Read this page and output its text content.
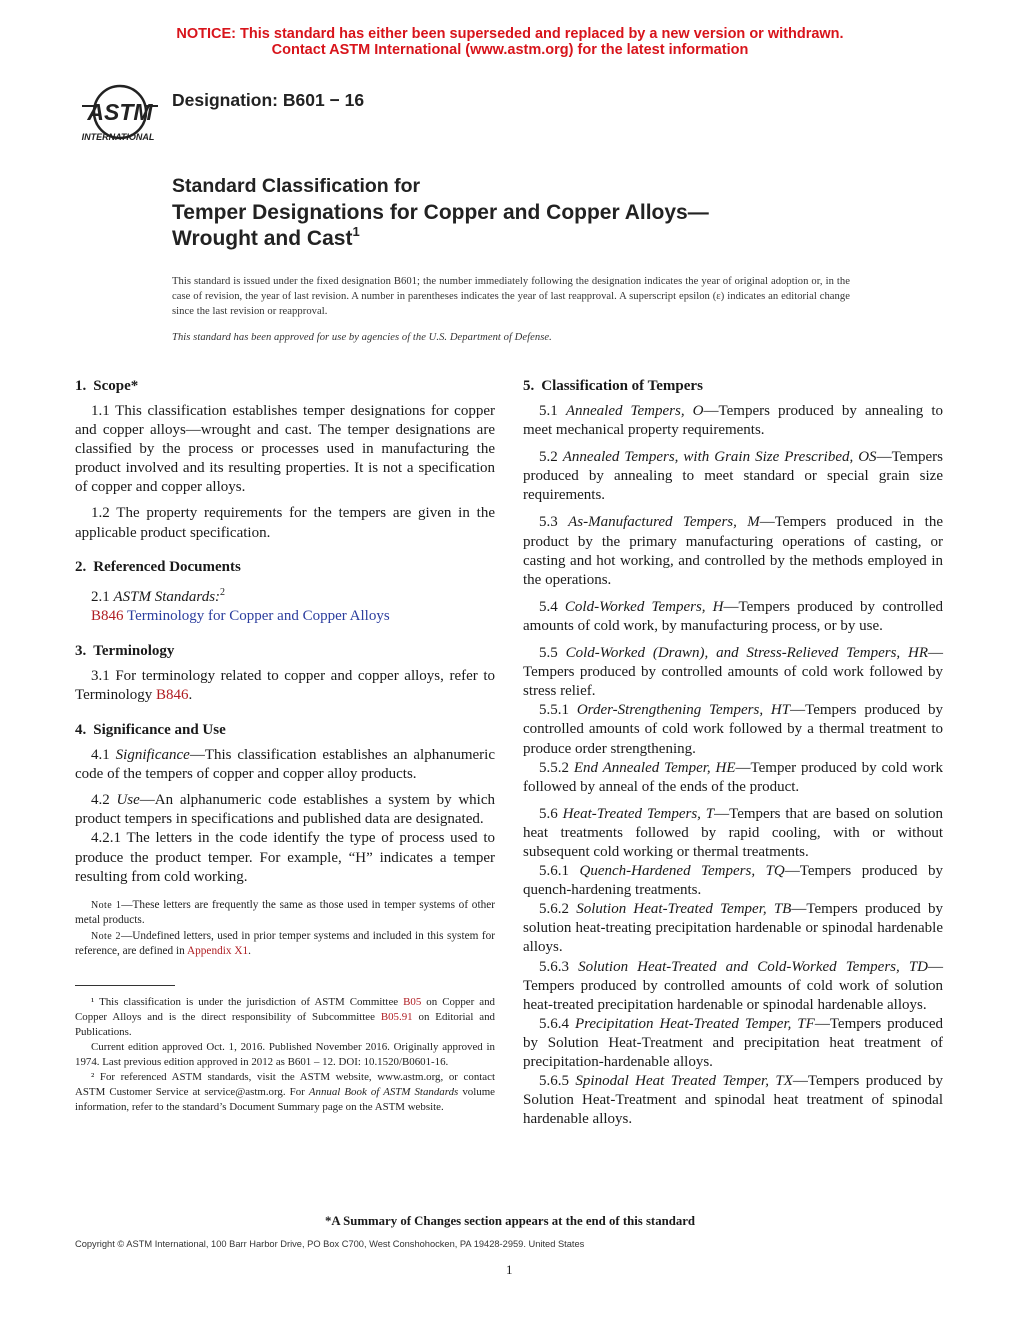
NOTICE: This standard has either been superseded and replaced by a new version or withdrawn.
Contact ASTM International (www.astm.org) for the latest information
ASTM
INTERNATIONAL
Designation: B601 − 16
Standard Classification for
Temper Designations for Copper and Copper Alloys—
Wrought and Cast$^1$
This standard is issued under the fixed designation B601; the number immediately following the designation indicates the year of original adoption or, in the case of revision, the year of last revision. A number in parentheses indicates the year of last reapproval. A superscript epsilon (ε) indicates an editorial change since the last revision or reapproval.
This standard has been approved for use by agencies of the U.S. Department of Defense.
1. Scope*

1.1 This classification establishes temper designations for copper and copper alloys—wrought and cast. The temper designations are classified by the process or processes used in manufacturing the product involved and its resulting properties. It is not a specification of copper and copper alloys.

1.2 The property requirements for the tempers are given in the applicable product specification.

2. Referenced Documents

2.1 ASTM Standards:$^2$

B846 Terminology for Copper and Copper Alloys

3. Terminology

3.1 For terminology related to copper and copper alloys, refer to Terminology B846.

4. Significance and Use

4.1 Significance—This classification establishes an alphanumeric code of the tempers of copper and copper alloy products.

4.2 Use—An alphanumeric code establishes a system by which product tempers in specifications and published data are designated.

4.2.1 The letters in the code identify the type of process used to produce the product temper. For example, “H” indicates a temper resulting from cold working.

Note 1—These letters are frequently the same as those used in temper systems of other metal products.

Note 2—Undefined letters, used in prior temper systems and included in this system for reference, are defined in Appendix X1.

¹ This classification is under the jurisdiction of ASTM Committee B05 on Copper and Copper Alloys and is the direct responsibility of Subcommittee B05.91 on Editorial and Publications.

Current edition approved Oct. 1, 2016. Published November 2016. Originally approved in 1974. Last previous edition approved in 2012 as B601 – 12. DOI: 10.1520/B0601-16.

² For referenced ASTM standards, visit the ASTM website, www.astm.org, or contact ASTM Customer Service at service@astm.org. For Annual Book of ASTM Standards volume information, refer to the standard’s Document Summary page on the ASTM website.

5. Classification of Tempers

5.1 Annealed Tempers, O—Tempers produced by annealing to meet mechanical property requirements.

5.2 Annealed Tempers, with Grain Size Prescribed, OS—Tempers produced by annealing to meet standard or special grain size requirements.

5.3 As-Manufactured Tempers, M—Tempers produced in the product by the primary manufacturing operations of casting, or casting and hot working, and controlled by the methods employed in the operations.

5.4 Cold-Worked Tempers, H—Tempers produced by controlled amounts of cold work, by manufacturing process, or by use.

5.5 Cold-Worked (Drawn), and Stress-Relieved Tempers, HR—Tempers produced by controlled amounts of cold work followed by stress relief.

5.5.1 Order-Strengthening Tempers, HT—Tempers produced by controlled amounts of cold work followed by a thermal treatment to produce order strengthening.

5.5.2 End Annealed Temper, HE—Temper produced by cold work followed by anneal of the ends of the product.

5.6 Heat-Treated Tempers, T—Tempers that are based on solution heat treatments followed by rapid cooling, with or without subsequent cold working or thermal treatments.

5.6.1 Quench-Hardened Tempers, TQ—Tempers produced by quench-hardening treatments.

5.6.2 Solution Heat-Treated Temper, TB—Tempers produced by solution heat-treating precipitation hardenable or spinodal hardenable alloys.

5.6.3 Solution Heat-Treated and Cold-Worked Tempers, TD—Tempers produced by controlled amounts of cold work of solution heat-treated precipitation hardenable or spinodal hardenable alloys.

5.6.4 Precipitation Heat-Treated Temper, TF—Tempers produced by Solution Heat-Treatment and precipitation heat treatment of precipitation-hardenable alloys.

5.6.5 Spinodal Heat Treated Temper, TX—Tempers produced by Solution Heat-Treatment and spinodal heat treatment of spinodal hardenable alloys.

*A Summary of Changes section appears at the end of this standard
Copyright © ASTM International, 100 Barr Harbor Drive, PO Box C700, West Conshohocken, PA 19428-2959. United States
1
